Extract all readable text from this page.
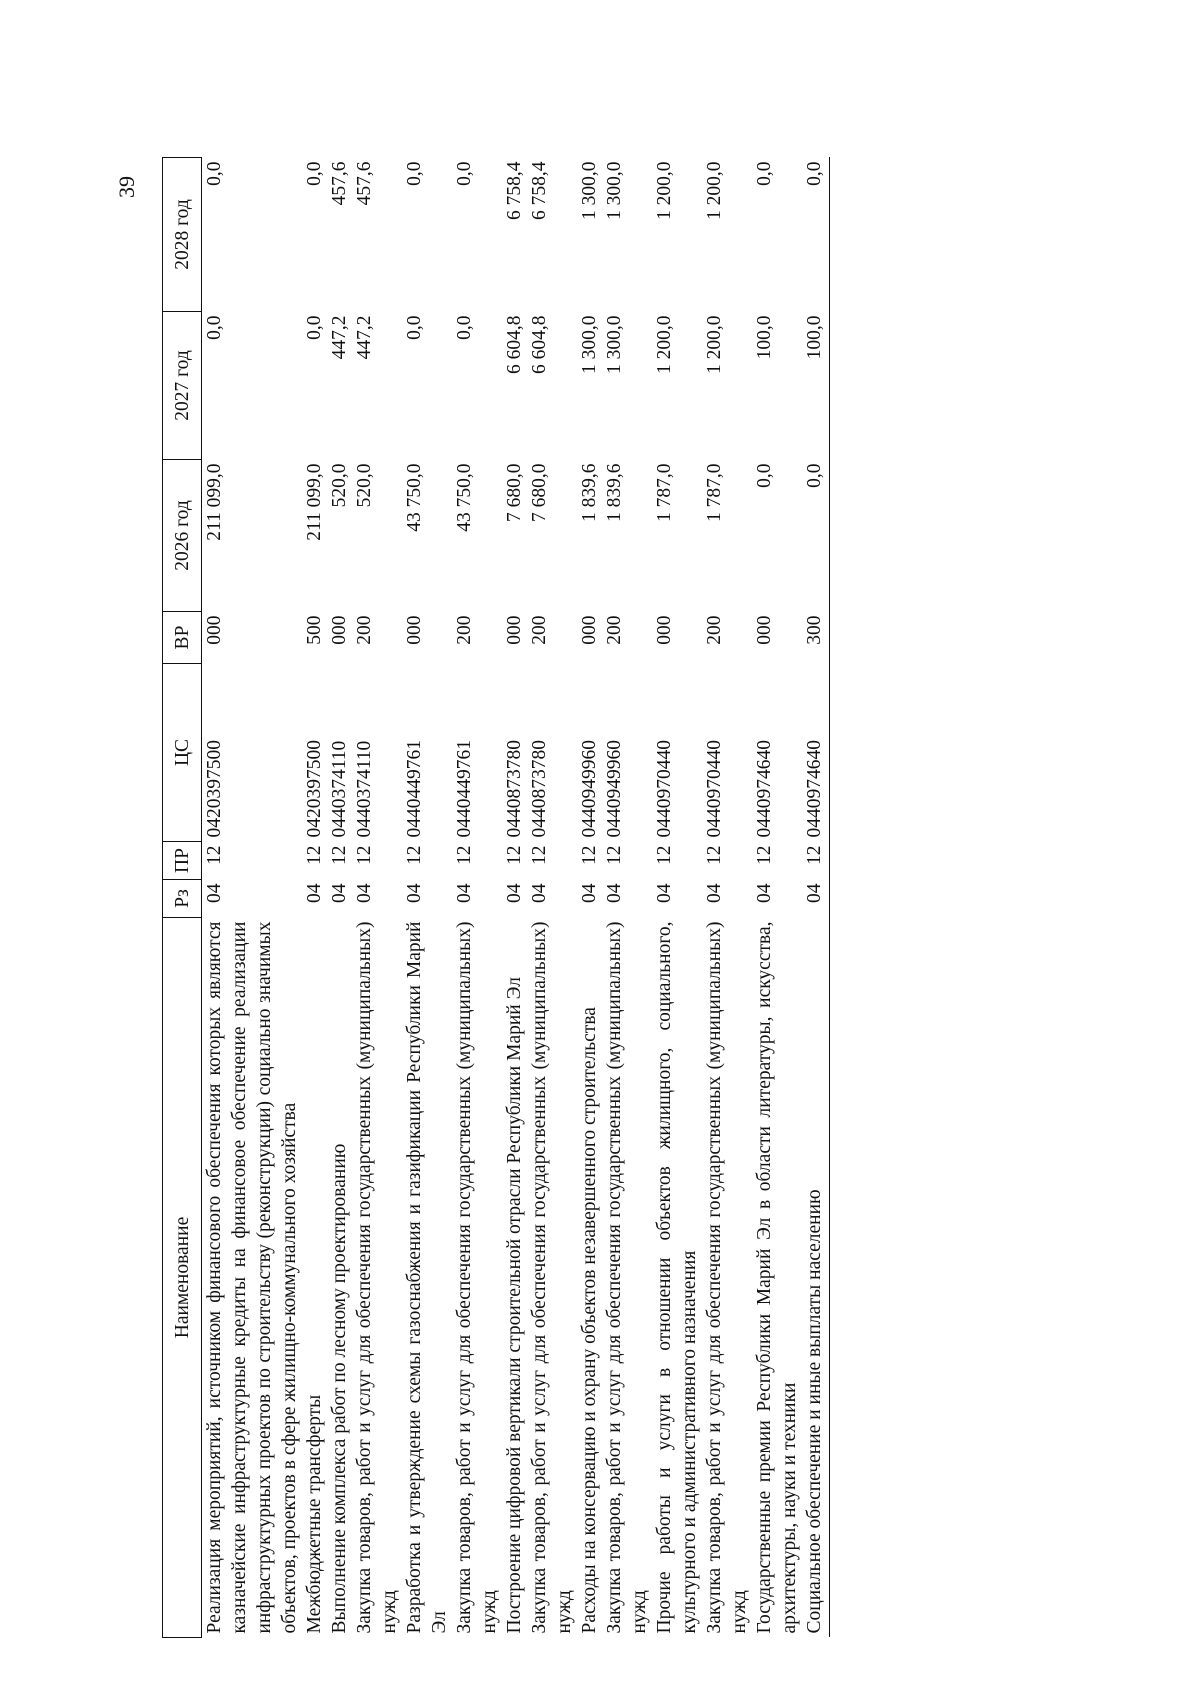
39
Наименование	Рз	ПР	ЦС	ВР	2026 год	2027 год	2028 год
Реализация мероприятий, источником финансового обеспечения которых являются казначейские инфраструктурные кредиты на финансовое обеспечение реализации инфраструктурных проектов по строительству (реконструкции) социально значимых объектов, проектов в сфере жилищно-коммунального хозяйства	04	12	0420397500	000	211 099,0	0,0	0,0
Межбюджетные трансферты	04	12	0420397500	500	211 099,0	0,0	0,0
Выполнение комплекса работ по лесному проектированию	04	12	0440374110	000	520,0	447,2	457,6
Закупка товаров, работ и услуг для обеспечения государственных (муниципальных) нужд	04	12	0440374110	200	520,0	447,2	457,6
Разработка и утверждение схемы газоснабжения и газификации Республики Марий Эл	04	12	0440449761	000	43 750,0	0,0	0,0
Закупка товаров, работ и услуг для обеспечения государственных (муниципальных) нужд	04	12	0440449761	200	43 750,0	0,0	0,0
Построение цифровой вертикали строительной отрасли Республики Марий Эл	04	12	0440873780	000	7 680,0	6 604,8	6 758,4
Закупка товаров, работ и услуг для обеспечения государственных (муниципальных) нужд	04	12	0440873780	200	7 680,0	6 604,8	6 758,4
Расходы на консервацию и охрану объектов незавершенного строительства	04	12	0440949960	000	1 839,6	1 300,0	1 300,0
Закупка товаров, работ и услуг для обеспечения государственных (муниципальных) нужд	04	12	0440949960	200	1 839,6	1 300,0	1 300,0
Прочие работы и услуги в отношении объектов жилищного, социального, культурного и административного назначения	04	12	0440970440	000	1 787,0	1 200,0	1 200,0
Закупка товаров, работ и услуг для обеспечения государственных (муниципальных) нужд	04	12	0440970440	200	1 787,0	1 200,0	1 200,0
Государственные премии Республики Марий Эл в области литературы, искусства, архитектуры, науки и техники	04	12	0440974640	000	0,0	100,0	0,0
Социальное обеспечение и иные выплаты населению	04	12	0440974640	300	0,0	100,0	0,0
